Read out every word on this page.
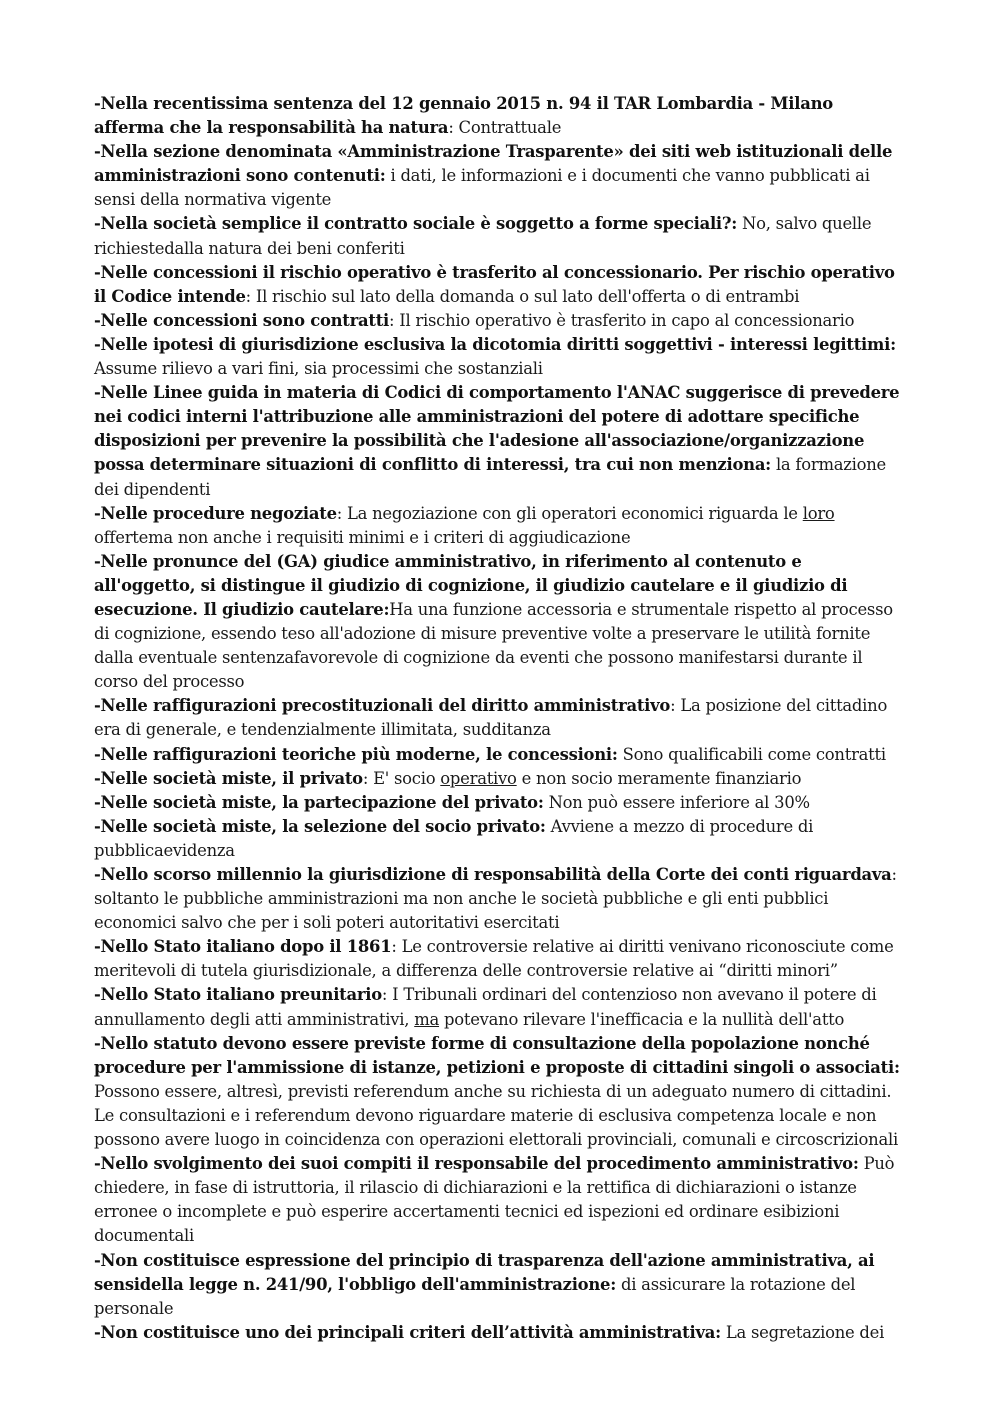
-Nella recentissima sentenza del 12 gennaio 2015 n. 94 il TAR Lombardia - Milano afferma che la responsabilità ha natura: Contrattuale

-Nella sezione denominata «Amministrazione Trasparente» dei siti web istituzionali delle amministrazioni sono contenuti: i dati, le informazioni e i documenti che vanno pubblicati ai sensi della normativa vigente

-Nella società semplice il contratto sociale è soggetto a forme speciali?: No, salvo quelle richiestedalla natura dei beni conferiti

-Nelle concessioni il rischio operativo è trasferito al concessionario. Per rischio operativo il Codice intende: Il rischio sul lato della domanda o sul lato dell'offerta o di entrambi

-Nelle concessioni sono contratti: Il rischio operativo è trasferito in capo al concessionario

-Nelle ipotesi di giurisdizione esclusiva la dicotomia diritti soggettivi - interessi legittimi: Assume rilievo a vari fini, sia processimi che sostanziali

-Nelle Linee guida in materia di Codici di comportamento l'ANAC suggerisce di prevedere nei codici interni l'attribuzione alle amministrazioni del potere di adottare specifiche disposizioni per prevenire la possibilità che l'adesione all'associazione/organizzazione possa determinare situazioni di conflitto di interessi, tra cui non menziona: la formazione dei dipendenti

-Nelle procedure negoziate: La negoziazione con gli operatori economici riguarda le loro offertema non anche i requisiti minimi e i criteri di aggiudicazione

-Nelle pronunce del (GA) giudice amministrativo, in riferimento al contenuto e all'oggetto, si distingue il giudizio di cognizione, il giudizio cautelare e il giudizio di esecuzione. Il giudizio cautelare:Ha una funzione accessoria e strumentale rispetto al processo di cognizione, essendo teso all'adozione di misure preventive volte a preservare le utilità fornite dalla eventuale sentenzafavorevole di cognizione da eventi che possono manifestarsi durante il corso del processo

-Nelle raffigurazioni precostituzionali del diritto amministrativo: La posizione del cittadino era di generale, e tendenzialmente illimitata, sudditanza

-Nelle raffigurazioni teoriche più moderne, le concessioni: Sono qualificabili come contratti

-Nelle società miste, il privato: E' socio operativo e non socio meramente finanziario

-Nelle società miste, la partecipazione del privato: Non può essere inferiore al 30%

-Nelle società miste, la selezione del socio privato: Avviene a mezzo di procedure di pubblicaevidenza

-Nello scorso millennio la giurisdizione di responsabilità della Corte dei conti riguardava: soltanto le pubbliche amministrazioni ma non anche le società pubbliche e gli enti pubblici economici salvo che per i soli poteri autoritativi esercitati

-Nello Stato italiano dopo il 1861: Le controversie relative ai diritti venivano riconosciute come meritevoli di tutela giurisdizionale, a differenza delle controversie relative ai “diritti minori”

-Nello Stato italiano preunitario: I Tribunali ordinari del contenzioso non avevano il potere di annullamento degli atti amministrativi, ma potevano rilevare l'inefficacia e la nullità dell'atto

-Nello statuto devono essere previste forme di consultazione della popolazione nonché procedure per l'ammissione di istanze, petizioni e proposte di cittadini singoli o associati: Possono essere, altresì, previsti referendum anche su richiesta di un adeguato numero di cittadini. Le consultazioni e i referendum devono riguardare materie di esclusiva competenza locale e non possono avere luogo in coincidenza con operazioni elettorali provinciali, comunali e circoscrizionali

-Nello svolgimento dei suoi compiti il responsabile del procedimento amministrativo: Può chiedere, in fase di istruttoria, il rilascio di dichiarazioni e la rettifica di dichiarazioni o istanze erronee o incomplete e può esperire accertamenti tecnici ed ispezioni ed ordinare esibizioni documentali

-Non costituisce espressione del principio di trasparenza dell'azione amministrativa, ai sensidella legge n. 241/90, l'obbligo dell'amministrazione: di assicurare la rotazione del personale

-Non costituisce uno dei principali criteri dell’attività amministrativa: La segretazione dei
